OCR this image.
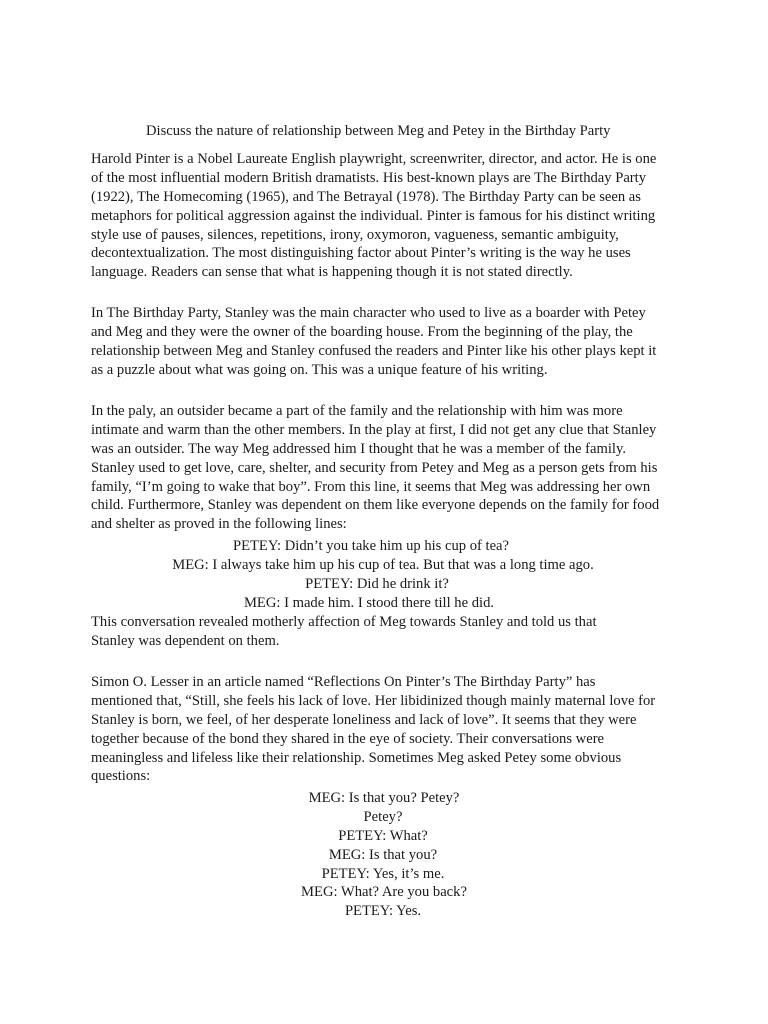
Discuss the nature of relationship between Meg and Petey in the Birthday Party
Harold Pinter is a Nobel Laureate English playwright, screenwriter, director, and actor. He is one
of the most influential modern British dramatists. His best-known plays are The Birthday Party
(1922), The Homecoming (1965), and The Betrayal (1978). The Birthday Party can be seen as
metaphors for political aggression against the individual. Pinter is famous for his distinct writing
style use of pauses, silences, repetitions, irony, oxymoron, vagueness, semantic ambiguity,
decontextualization. The most distinguishing factor about Pinter’s writing is the way he uses
language. Readers can sense that what is happening though it is not stated directly.
In The Birthday Party, Stanley was the main character who used to live as a boarder with Petey
and Meg and they were the owner of the boarding house. From the beginning of the play, the
relationship between Meg and Stanley confused the readers and Pinter like his other plays kept it
as a puzzle about what was going on. This was a unique feature of his writing.
In the paly, an outsider became a part of the family and the relationship with him was more
intimate and warm than the other members. In the play at first, I did not get any clue that Stanley
was an outsider. The way Meg addressed him I thought that he was a member of the family.
Stanley used to get love, care, shelter, and security from Petey and Meg as a person gets from his
family, “I’m going to wake that boy”. From this line, it seems that Meg was addressing her own
child. Furthermore, Stanley was dependent on them like everyone depends on the family for food
and shelter as proved in the following lines:
PETEY: Didn’t you take him up his cup of tea?
MEG: I always take him up his cup of tea. But that was a long time ago.
PETEY: Did he drink it?
MEG: I made him. I stood there till he did.
This conversation revealed motherly affection of Meg towards Stanley and told us that
Stanley was dependent on them.
Simon O. Lesser in an article named “Reflections On Pinter’s The Birthday Party” has
mentioned that, “Still, she feels his lack of love. Her libidinized though mainly maternal love for
Stanley is born, we feel, of her desperate loneliness and lack of love”. It seems that they were
together because of the bond they shared in the eye of society. Their conversations were
meaningless and lifeless like their relationship. Sometimes Meg asked Petey some obvious
questions:
MEG: Is that you? Petey?
Petey?
PETEY: What?
MEG: Is that you?
PETEY: Yes, it’s me.
MEG: What? Are you back?
PETEY: Yes.
